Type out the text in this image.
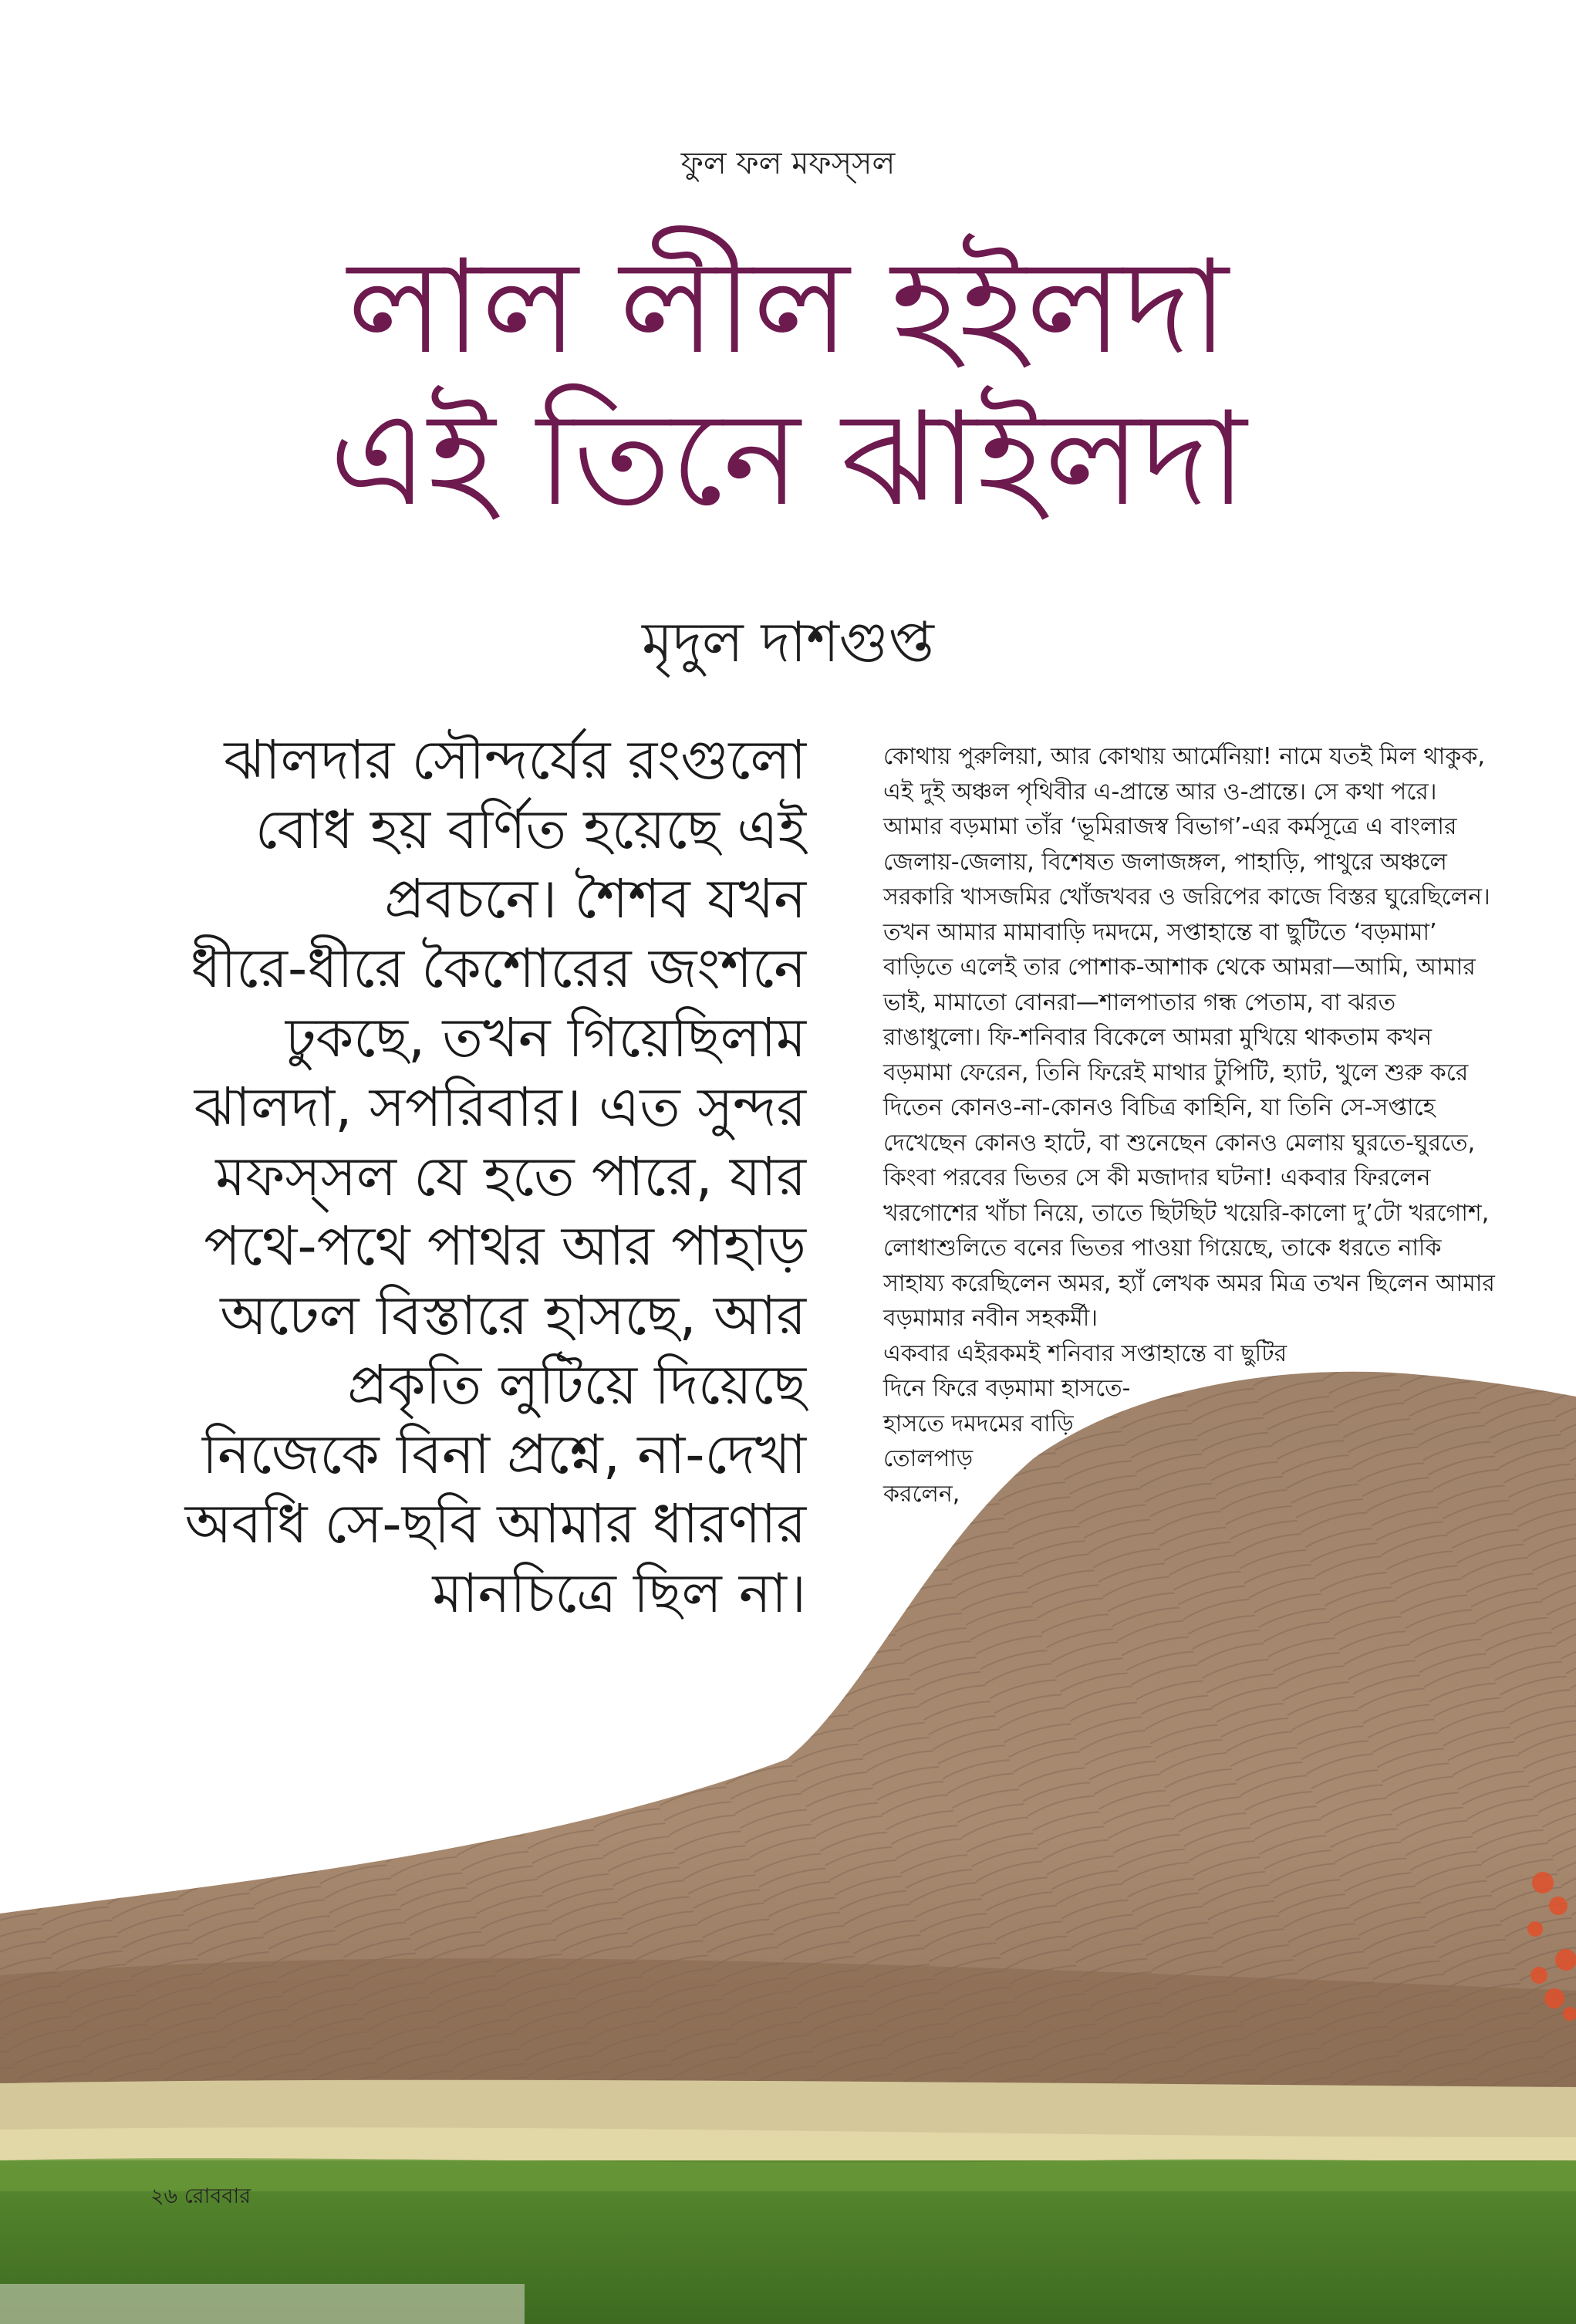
ফুল ফল মফস্‌সল
লাল লীল হইলদা
এই তিনে ঝাইলদা
মৃদুল দাশগুপ্ত
ঝালদার সৌন্দর্যের রংগুলো
বোধ হয় বর্ণিত হয়েছে এই
প্রবচনে। শৈশব যখন
ধীরে-ধীরে কৈশোরের জংশনে
ঢুকছে, তখন গিয়েছিলাম
ঝালদা, সপরিবার। এত সুন্দর
মফস্‌সল যে হতে পারে, যার
পথে-পথে পাথর আর পাহাড়
অঢেল বিস্তারে হাসছে, আর
প্রকৃতি লুটিয়ে দিয়েছে
নিজেকে বিনা প্রশ্নে, না-দেখা
অবধি সে-ছবি আমার ধারণার
মানচিত্রে ছিল না।
কোথায় পুরুলিয়া, আর কোথায় আর্মেনিয়া! নামে যতই মিল থাকুক,
এই দুই অঞ্চল পৃথিবীর এ-প্রান্তে আর ও-প্রান্তে। সে কথা পরে।
আমার বড়মামা তাঁর ‘ভূমিরাজস্ব বিভাগ’-এর কর্মসূত্রে এ বাংলার
জেলায়-জেলায়, বিশেষত জলাজঙ্গল, পাহাড়ি, পাথুরে অঞ্চলে
সরকারি খাসজমির খোঁজখবর ও জরিপের কাজে বিস্তর ঘুরেছিলেন।
তখন আমার মামাবাড়ি দমদমে, সপ্তাহান্তে বা ছুটিতে ‘বড়মামা’
বাড়িতে এলেই তার পোশাক-আশাক থেকে আমরা—আমি, আমার
ভাই, মামাতো বোনরা—শালপাতার গন্ধ পেতাম, বা ঝরত
রাঙাধুলো। ফি-শনিবার বিকেলে আমরা মুখিয়ে থাকতাম কখন
বড়মামা ফেরেন, তিনি ফিরেই মাথার টুপিটি, হ্যাট, খুলে শুরু করে
দিতেন কোনও-না-কোনও বিচিত্র কাহিনি, যা তিনি সে-সপ্তাহে
দেখেছেন কোনও হাটে, বা শুনেছেন কোনও মেলায় ঘুরতে-ঘুরতে,
কিংবা পরবের ভিতর সে কী মজাদার ঘটনা! একবার ফিরলেন
খরগোশের খাঁচা নিয়ে, তাতে ছিটছিট খয়েরি-কালো দু’টো খরগোশ,
লোধাশুলিতে বনের ভিতর পাওয়া গিয়েছে, তাকে ধরতে নাকি
সাহায্য করেছিলেন অমর, হ্যাঁ লেখক অমর মিত্র তখন ছিলেন আমার
বড়মামার নবীন সহকর্মী।
একবার এইরকমই শনিবার সপ্তাহান্তে বা ছুটির
দিনে ফিরে বড়মামা হাসতে-
হাসতে দমদমের বাড়ি
তোলপাড়
করলেন,
২৬ রোববার
